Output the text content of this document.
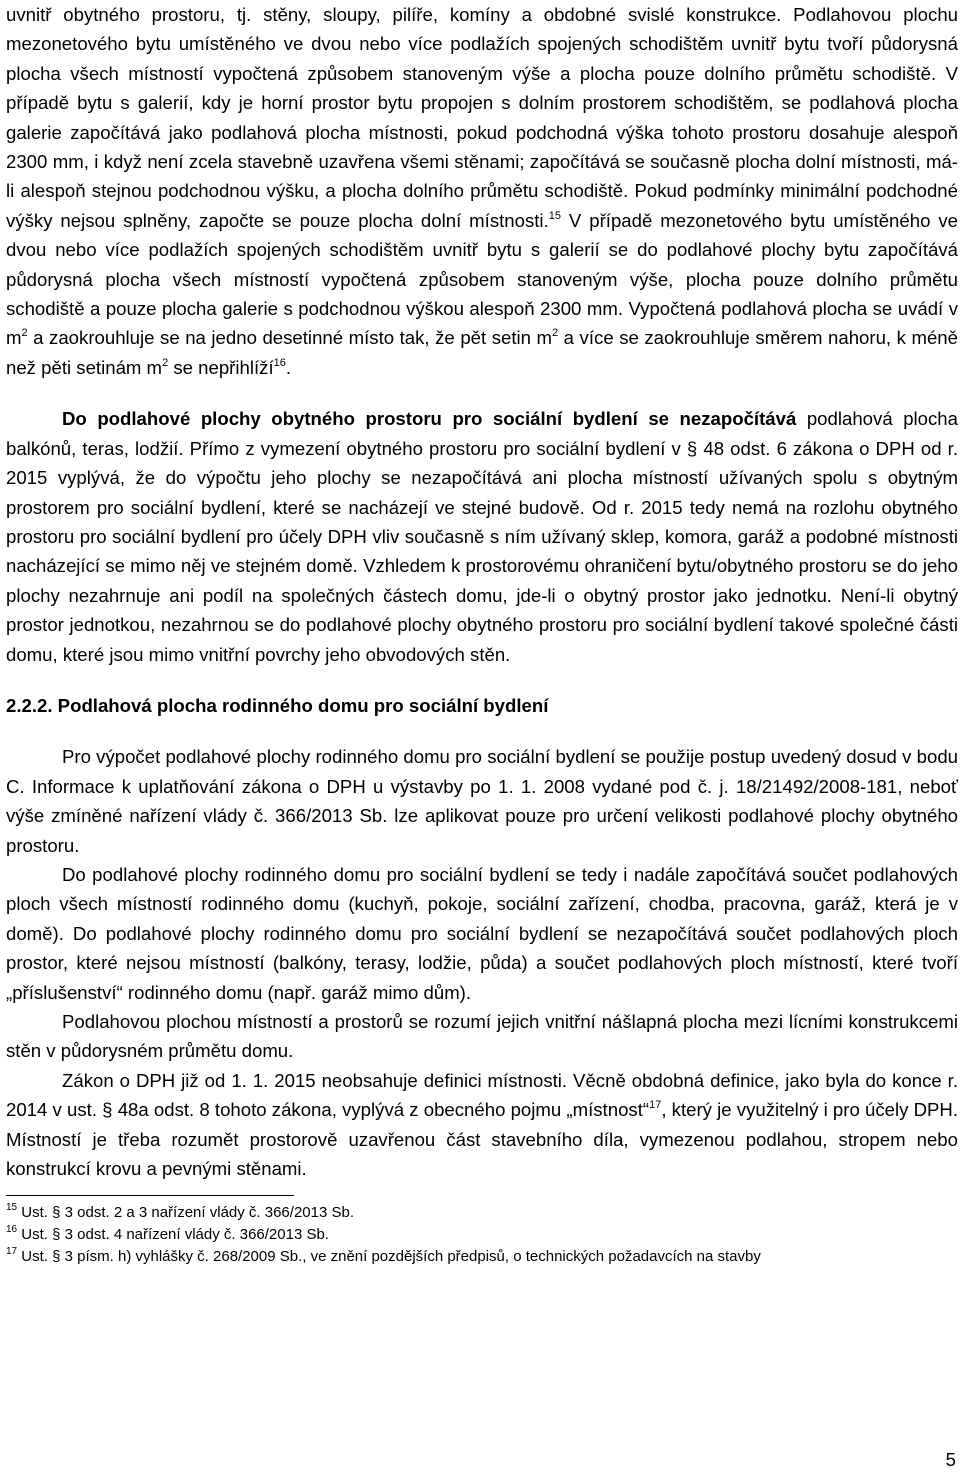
uvnitř obytného prostoru, tj. stěny, sloupy, pilíře, komíny a obdobné svislé konstrukce. Podlahovou plochu mezonetového bytu umístěného ve dvou nebo více podlažích spojených schodištěm uvnitř bytu tvoří půdorysná plocha všech místností vypočtená způsobem stanoveným výše a plocha pouze dolního průmětu schodiště. V případě bytu s galerií, kdy je horní prostor bytu propojen s dolním prostorem schodištěm, se podlahová plocha galerie započítává jako podlahová plocha místnosti, pokud podchodná výška tohoto prostoru dosahuje alespoň 2300 mm, i když není zcela stavebně uzavřena všemi stěnami; započítává se současně plocha dolní místnosti, má-li alespoň stejnou podchodnou výšku, a plocha dolního průmětu schodiště. Pokud podmínky minimální podchodné výšky nejsou splněny, započte se pouze plocha dolní místnosti.$^{15}$ V případě mezonetového bytu umístěného ve dvou nebo více podlažích spojených schodištěm uvnitř bytu s galerií se do podlahové plochy bytu započítává půdorysná plocha všech místností vypočtená způsobem stanoveným výše, plocha pouze dolního průmětu schodiště a pouze plocha galerie s podchodnou výškou alespoň 2300 mm. Vypočtená podlahová plocha se uvádí v $m^2$ a zaokrouhluje se na jedno desetinné místo tak, že pět setin $m^2$ a více se zaokrouhluje směrem nahoru, k méně než pěti setinám $m^2$ se nepřihlíží$^{16}$.

Do podlahové plochy obytného prostoru pro sociální bydlení se nezapočítává podlahová plocha balkónů, teras, lodžií. Přímo z vymezení obytného prostoru pro sociální bydlení v § 48 odst. 6 zákona o DPH od r. 2015 vyplývá, že do výpočtu jeho plochy se nezapočítává ani plocha místností užívaných spolu s obytným prostorem pro sociální bydlení, které se nacházejí ve stejné budově. Od r. 2015 tedy nemá na rozlohu obytného prostoru pro sociální bydlení pro účely DPH vliv současně s ním užívaný sklep, komora, garáž a podobné místnosti nacházející se mimo něj ve stejném domě. Vzhledem k prostorovému ohraničení bytu/obytného prostoru se do jeho plochy nezahrnuje ani podíl na společných částech domu, jde-li o obytný prostor jako jednotku. Není-li obytný prostor jednotkou, nezahrnou se do podlahové plochy obytného prostoru pro sociální bydlení takové společné části domu, které jsou mimo vnitřní povrchy jeho obvodových stěn.

2.2.2. Podlahová plocha rodinného domu pro sociální bydlení

Pro výpočet podlahové plochy rodinného domu pro sociální bydlení se použije postup uvedený dosud v bodu C. Informace k uplatňování zákona o DPH u výstavby po 1. 1. 2008 vydané pod č. j. 18/21492/2008-181, neboť výše zmíněné nařízení vlády č. 366/2013 Sb. lze aplikovat pouze pro určení velikosti podlahové plochy obytného prostoru.

Do podlahové plochy rodinného domu pro sociální bydlení se tedy i nadále započítává součet podlahových ploch všech místností rodinného domu (kuchyň, pokoje, sociální zařízení, chodba, pracovna, garáž, která je v domě). Do podlahové plochy rodinného domu pro sociální bydlení se nezapočítává součet podlahových ploch prostor, které nejsou místností (balkóny, terasy, lodžie, půda) a součet podlahových ploch místností, které tvoří „příslušenství“ rodinného domu (např. garáž mimo dům).

Podlahovou plochou místností a prostorů se rozumí jejich vnitřní nášlapná plocha mezi lícními konstrukcemi stěn v půdorysném průmětu domu.

Zákon o DPH již od 1. 1. 2015 neobsahuje definici místnosti. Věcně obdobná definice, jako byla do konce r. 2014 v ust. § 48a odst. 8 tohoto zákona, vyplývá z obecného pojmu „místnost“$^{17}$, který je využitelný i pro účely DPH. Místností je třeba rozumět prostorově uzavřenou část stavebního díla, vymezenou podlahou, stropem nebo konstrukcí krovu a pevnými stěnami.

$^{15}$ Ust. § 3 odst. 2 a 3 nařízení vlády č. 366/2013 Sb.

$^{16}$ Ust. § 3 odst. 4 nařízení vlády č. 366/2013 Sb.

$^{17}$ Ust. § 3 písm. h) vyhlášky č. 268/2009 Sb., ve znění pozdějších předpisů, o technických požadavcích na stavby

5
